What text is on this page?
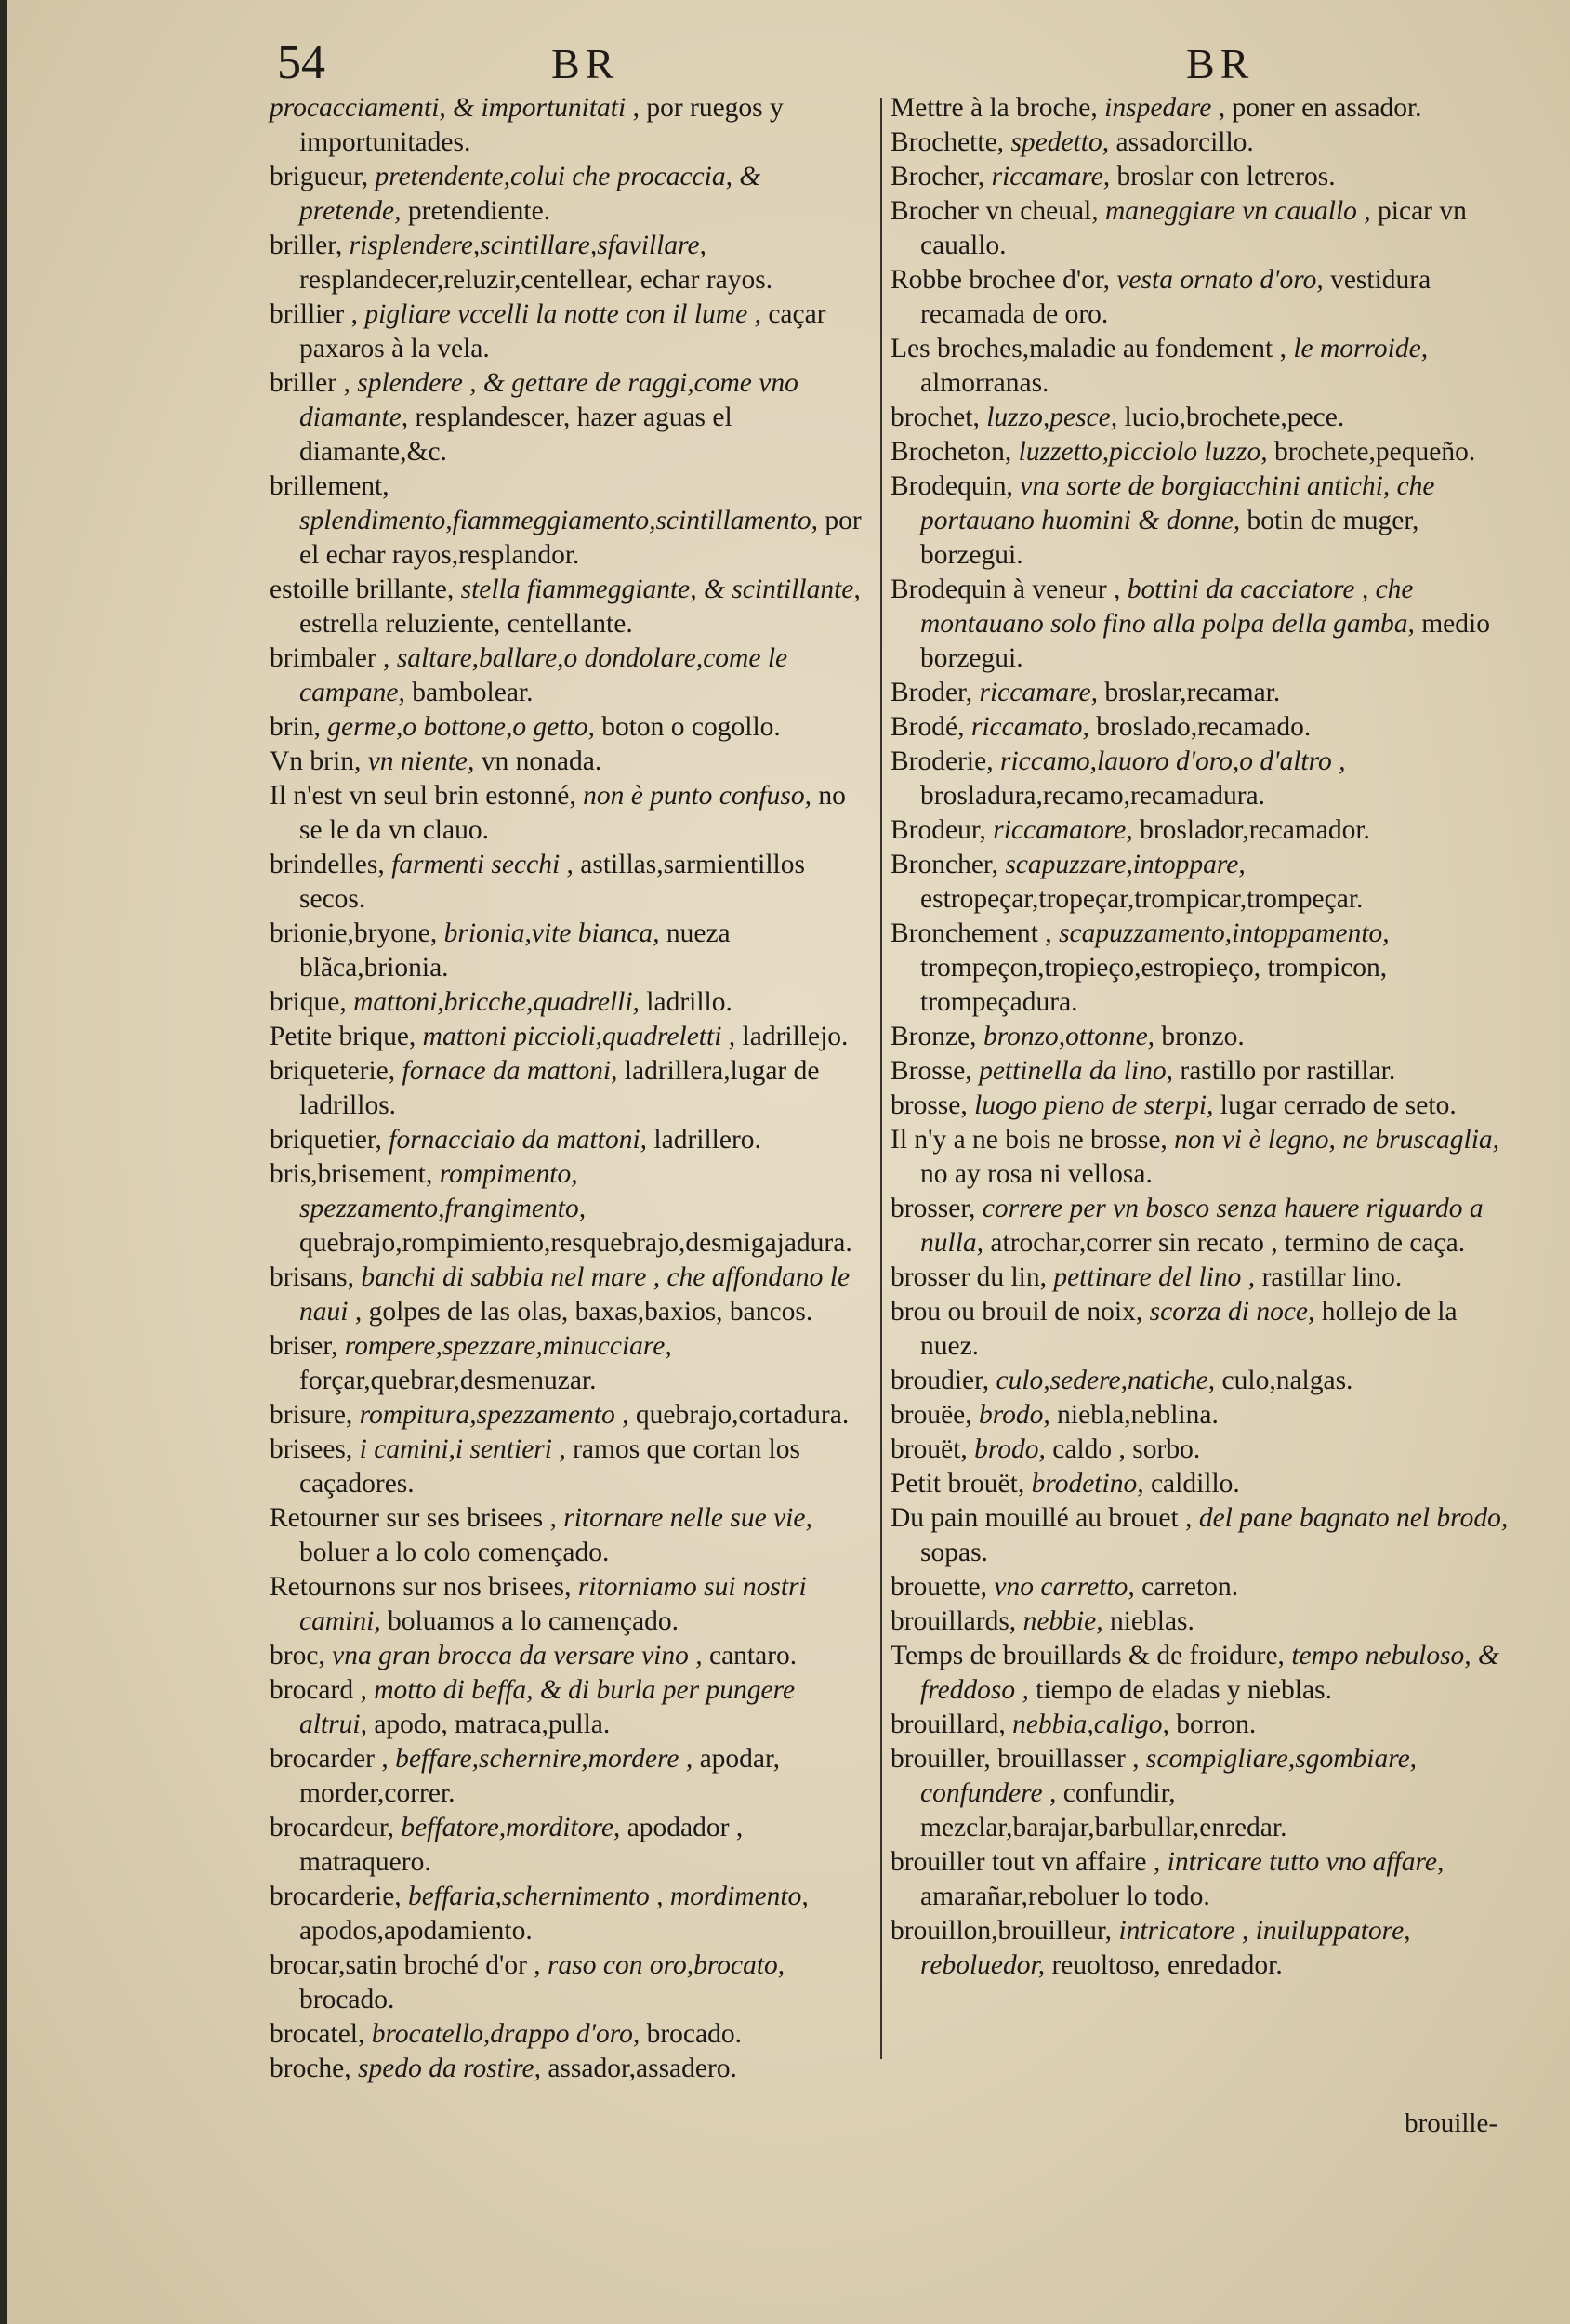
54	BR	BR

procacciamenti, & importunitati , por ruegos y importunitades.

brigueur, pretendente,colui che procaccia, & pretende, pretendiente.

briller, risplendere,scintillare,sfavillare, resplandecer,reluzir,centellear, echar rayos.

brillier , pigliare vccelli la notte con il lume , caçar paxaros à la vela.

briller , splendere , & gettare de raggi,come vno diamante, resplandescer, hazer aguas el diamante,&c.

brillement, splendimento,fiammeggiamento,scintillamento, por el echar rayos,resplandor.

estoille brillante, stella fiammeggiante, & scintillante, estrella reluziente, centellante.

brimbaler , saltare,ballare,o dondolare,come le campane, bambolear.

brin, germe,o bottone,o getto, boton o cogollo.

Vn brin, vn niente, vn nonada.

Il n'est vn seul brin estonné, non è punto confuso, no se le da vn clauo.

brindelles, farmenti secchi , astillas,sarmientillos secos.

brionie,bryone, brionia,vite bianca, nueza blãca,brionia.

brique, mattoni,bricche,quadrelli, ladrillo.

Petite brique, mattoni piccioli,quadreletti , ladrillejo.

briqueterie, fornace da mattoni, ladrillera,lugar de ladrillos.

briquetier, fornacciaio da mattoni, ladrillero.

bris,brisement, rompimento, spezzamento,frangimento, quebrajo,rompimiento,resquebrajo,desmigajadura.

brisans, banchi di sabbia nel mare , che affondano le naui , golpes de las olas, baxas,baxios, bancos.

briser, rompere,spezzare,minucciare, forçar,quebrar,desmenuzar.

brisure, rompitura,spezzamento , quebrajo,cortadura.

brisees, i camini,i sentieri , ramos que cortan los caçadores.

Retourner sur ses brisees , ritornare nelle sue vie, boluer a lo colo començado.

Retournons sur nos brisees, ritorniamo sui nostri camini, boluamos a lo camençado.

broc, vna gran brocca da versare vino , cantaro.

brocard , motto di beffa, & di burla per pungere altrui, apodo, matraca,pulla.

brocarder , beffare,schernire,mordere , apodar, morder,correr.

brocardeur, beffatore,morditore, apodador , matraquero.

brocarderie, beffaria,schernimento , mordimento, apodos,apodamiento.

brocar,satin broché d'or , raso con oro,brocato, brocado.

brocatel, brocatello,drappo d'oro, brocado.

broche, spedo da rostire, assador,assadero.

Mettre à la broche, inspedare , poner en assador.

Brochette, spedetto, assadorcillo.

Brocher, riccamare, broslar con letreros.

Brocher vn cheual, maneggiare vn cauallo , picar vn cauallo.

Robbe brochee d'or, vesta ornato d'oro, vestidura recamada de oro.

Les broches,maladie au fondement , le morroide, almorranas.

brochet, luzzo,pesce, lucio,brochete,pece.

Brocheton, luzzetto,picciolo luzzo, brochete,pequeño.

Brodequin, vna sorte de borgiacchini antichi, che portauano huomini & donne, botin de muger, borzegui.

Brodequin à veneur , bottini da cacciatore , che montauano solo fino alla polpa della gamba, medio borzegui.

Broder, riccamare, broslar,recamar.

Brodé, riccamato, broslado,recamado.

Broderie, riccamo,lauoro d'oro,o d'altro , brosladura,recamo,recamadura.

Brodeur, riccamatore, broslador,recamador.

Broncher, scapuzzare,intoppare, estropeçar,tropeçar,trompicar,trompeçar.

Bronchement , scapuzzamento,intoppamento, trompeçon,tropieço,estropieço, trompicon, trompeçadura.

Bronze, bronzo,ottonne, bronzo.

Brosse, pettinella da lino, rastillo por rastillar.

brosse, luogo pieno de sterpi, lugar cerrado de seto.

Il n'y a ne bois ne brosse, non vi è legno, ne bruscaglia, no ay rosa ni vellosa.

brosser, correre per vn bosco senza hauere riguardo a nulla, atrochar,correr sin recato , termino de caça.

brosser du lin, pettinare del lino , rastillar lino.

brou ou brouil de noix, scorza di noce, hollejo de la nuez.

broudier, culo,sedere,natiche, culo,nalgas.

brouëe, brodo, niebla,neblina.

brouët, brodo, caldo , sorbo.

Petit brouët, brodetino, caldillo.

Du pain mouillé au brouet , del pane bagnato nel brodo, sopas.

brouette, vno carretto, carreton.

brouillards, nebbie, nieblas.

Temps de brouillards & de froidure, tempo nebuloso, & freddoso , tiempo de eladas y nieblas.

brouillard, nebbia,caligo, borron.

brouiller, brouillasser , scompigliare,sgombiare, confundere , confundir, mezclar,barajar,barbullar,enredar.

brouiller tout vn affaire , intricare tutto vno affare, amarañar,reboluer lo todo.

brouillon,brouilleur, intricatore , inuiluppatore, reboluedor, reuoltoso, enredador.

brouille-
